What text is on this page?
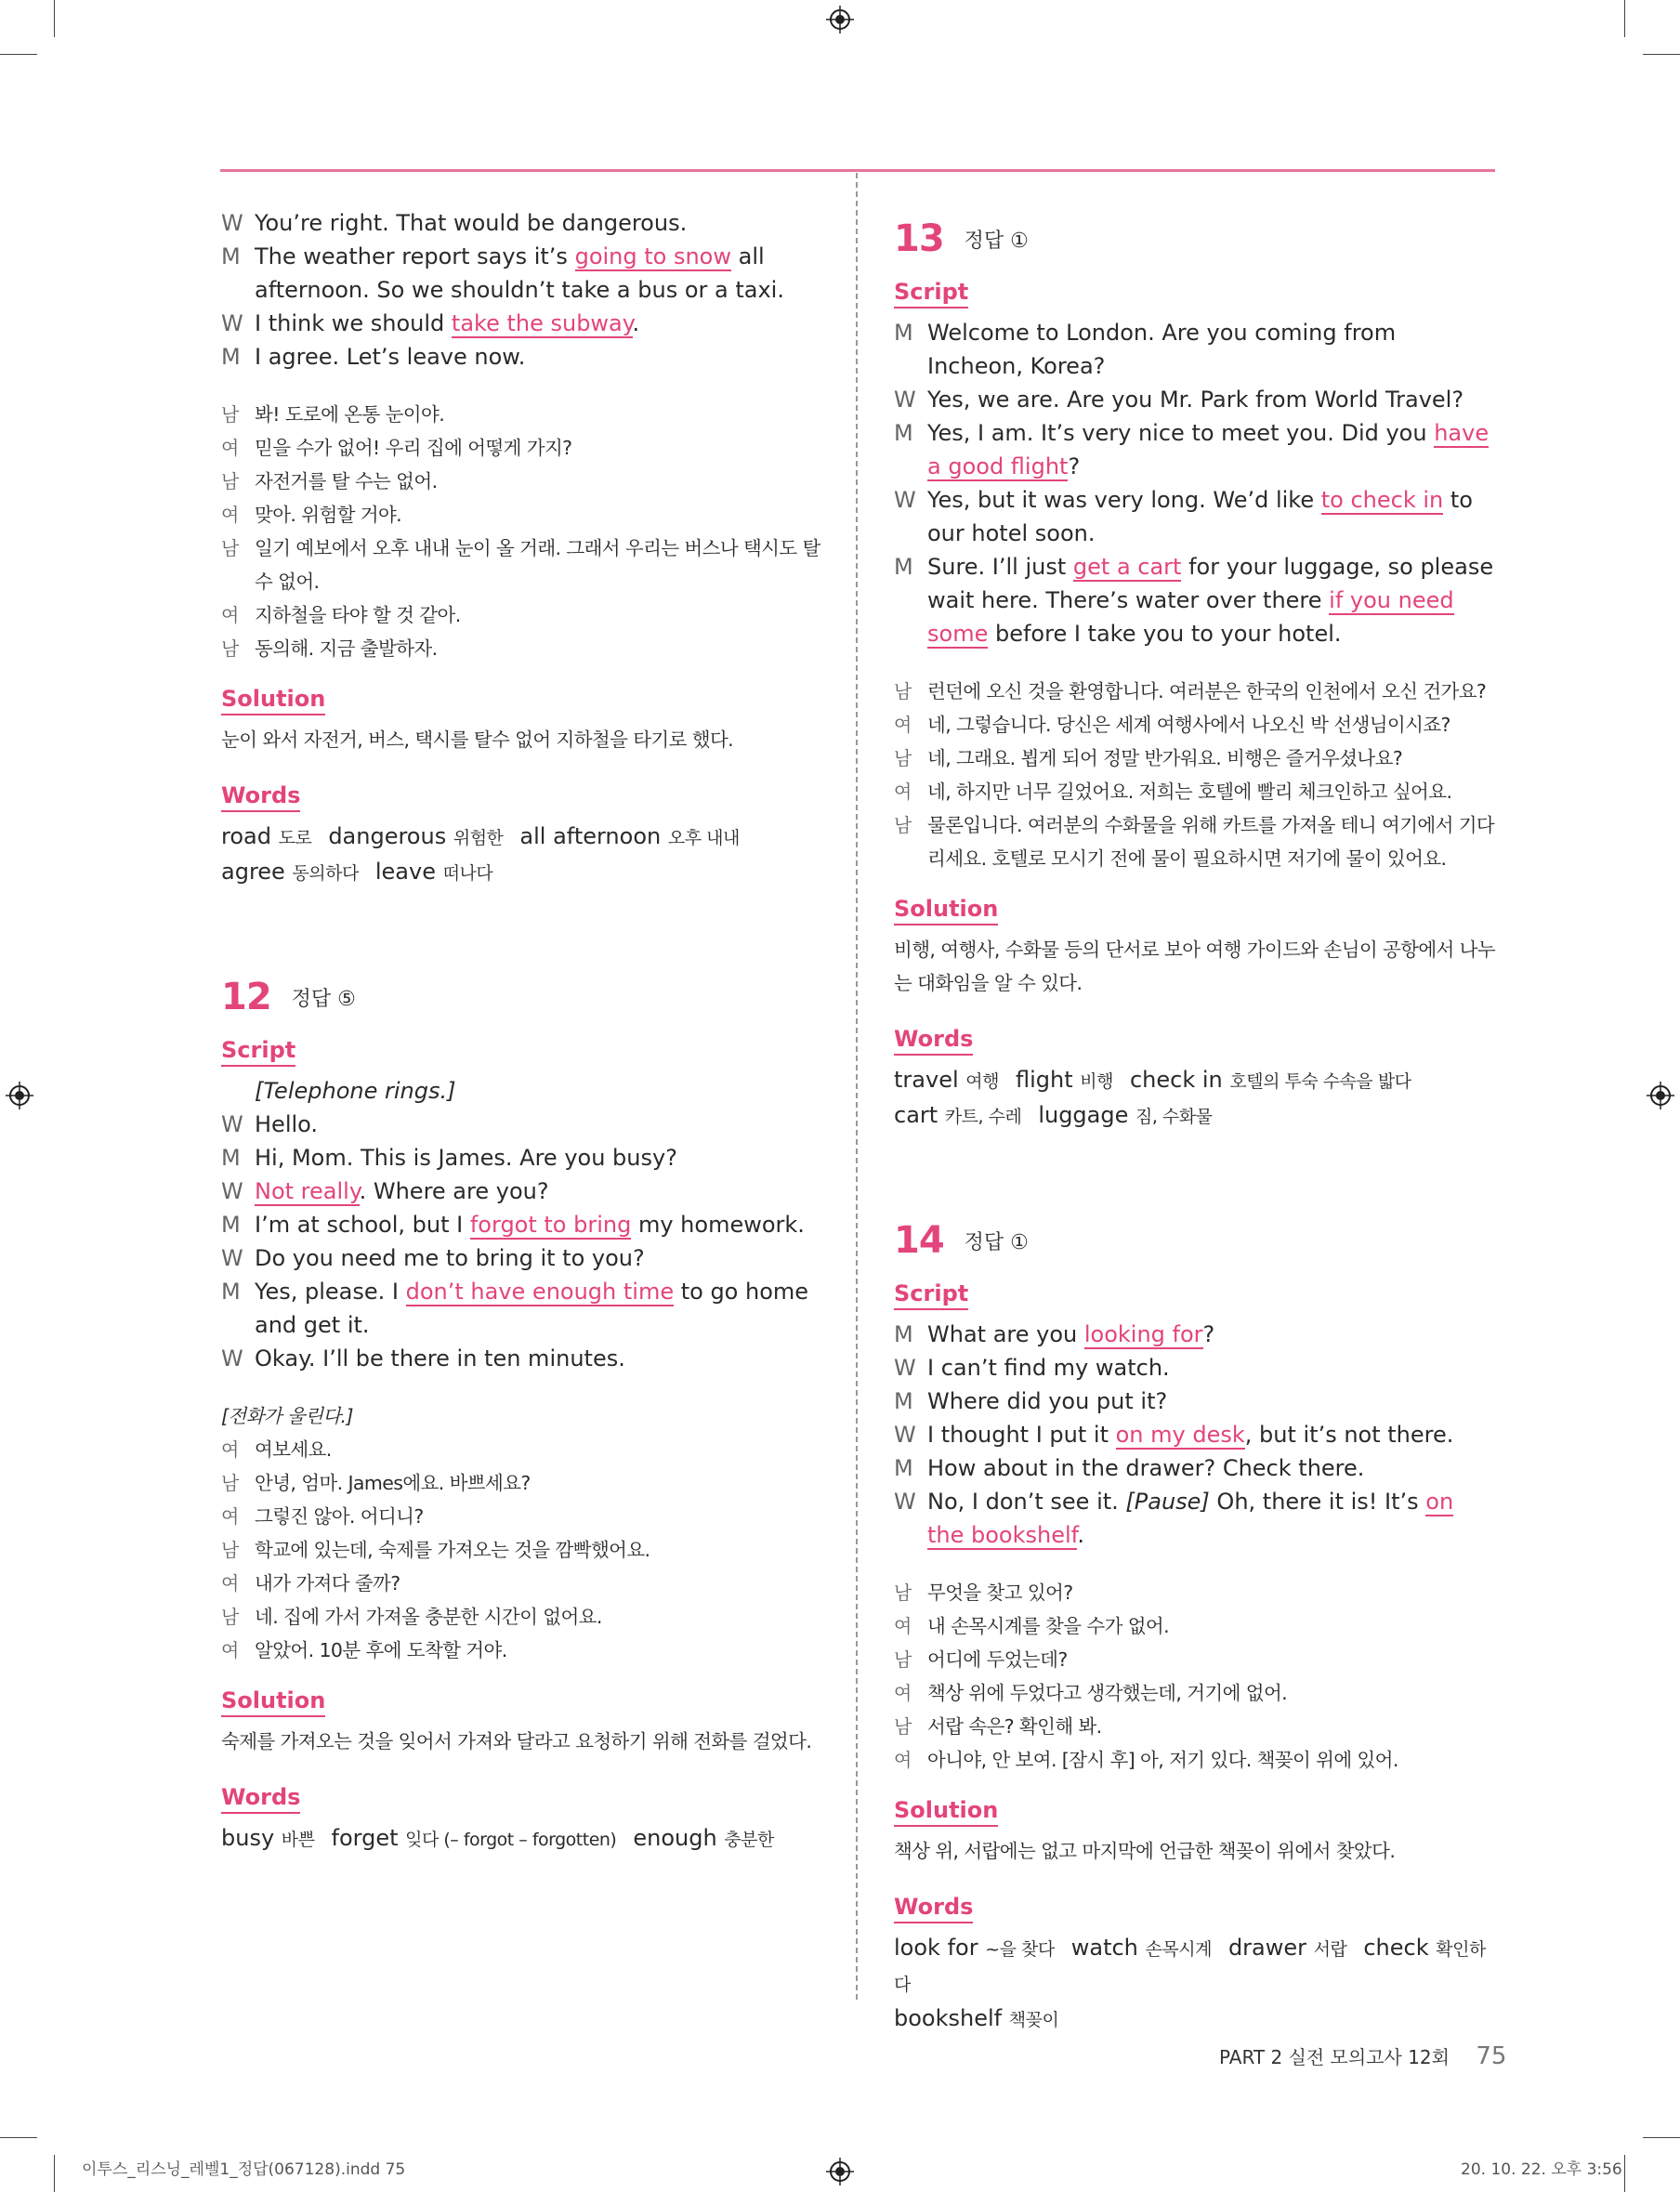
W You’re right. That would be dangerous.
M The weather report says it’s going to snow all afternoon. So we shouldn’t take a bus or a taxi.
W I think we should take the subway.
M I agree. Let’s leave now.
남 봐! 도로에 온통 눈이야.
여 믿을 수가 없어! 우리 집에 어떻게 가지?
남 자전거를 탈 수는 없어.
여 맞아. 위험할 거야.
남 일기 예보에서 오후 내내 눈이 올 거래. 그래서 우리는 버스나 택시도 탈 수 없어.
여 지하철을 타야 할 것 같아.
남 동의해. 지금 출발하자.
Solution
눈이 와서 자전거, 버스, 택시를 탈수 없어 지하철을 타기로 했다.
Words
road 도로 dangerous 위험한 all afternoon 오후 내내
agree 동의하다 leave 떠나다
12 정답 ⑤
Script
[Telephone rings.]
W Hello.
M Hi, Mom. This is James. Are you busy?
W Not really. Where are you?
M I’m at school, but I forgot to bring my homework.
W Do you need me to bring it to you?
M Yes, please. I don’t have enough time to go home and get it.
W Okay. I’ll be there in ten minutes.
[전화가 울린다.]
여 여보세요.
남 안녕, 엄마. James에요. 바쁘세요?
여 그렇진 않아. 어디니?
남 학교에 있는데, 숙제를 가져오는 것을 깜빡했어요.
여 내가 가져다 줄까?
남 네. 집에 가서 가져올 충분한 시간이 없어요.
여 알았어. 10분 후에 도착할 거야.
Solution
숙제를 가져오는 것을 잊어서 가져와 달라고 요청하기 위해 전화를 걸었다.
Words
busy 바쁜 forget 잊다 (– forgot – forgotten) enough 충분한
13 정답 ①
Script
M Welcome to London. Are you coming from Incheon, Korea?
W Yes, we are. Are you Mr. Park from World Travel?
M Yes, I am. It’s very nice to meet you. Did you have a good flight?
W Yes, but it was very long. We’d like to check in to our hotel soon.
M Sure. I’ll just get a cart for your luggage, so please wait here. There’s water over there if you need some before I take you to your hotel.
남 런던에 오신 것을 환영합니다. 여러분은 한국의 인천에서 오신 건가요?
여 네, 그렇습니다. 당신은 세계 여행사에서 나오신 박 선생님이시죠?
남 네, 그래요. 뵙게 되어 정말 반가워요. 비행은 즐거우셨나요?
여 네, 하지만 너무 길었어요. 저희는 호텔에 빨리 체크인하고 싶어요.
남 물론입니다. 여러분의 수화물을 위해 카트를 가져올 테니 여기에서 기다리세요. 호텔로 모시기 전에 물이 필요하시면 저기에 물이 있어요.
Solution
비행, 여행사, 수화물 등의 단서로 보아 여행 가이드와 손님이 공항에서 나누는 대화임을 알 수 있다.
Words
travel 여행 flight 비행 check in 호텔의 투숙 수속을 밟다
cart 카트, 수레 luggage 짐, 수화물
14 정답 ①
Script
M What are you looking for?
W I can’t find my watch.
M Where did you put it?
W I thought I put it on my desk, but it’s not there.
M How about in the drawer? Check there.
W No, I don’t see it. [Pause] Oh, there it is! It’s on the bookshelf.
남 무엇을 찾고 있어?
여 내 손목시계를 찾을 수가 없어.
남 어디에 두었는데?
여 책상 위에 두었다고 생각했는데, 거기에 없어.
남 서랍 속은? 확인해 봐.
여 아니야, 안 보여. [잠시 후] 아, 저기 있다. 책꽂이 위에 있어.
Solution
책상 위, 서랍에는 없고 마지막에 언급한 책꽂이 위에서 찾았다.
Words
look for ~을 찾다 watch 손목시계 drawer 서랍 check 확인하다
bookshelf 책꽂이
PART 2 실전 모의고사 12회 75
이투스_리스닝_레벨1_정답(067128).indd 75	20. 10. 22. 오후 3:56
